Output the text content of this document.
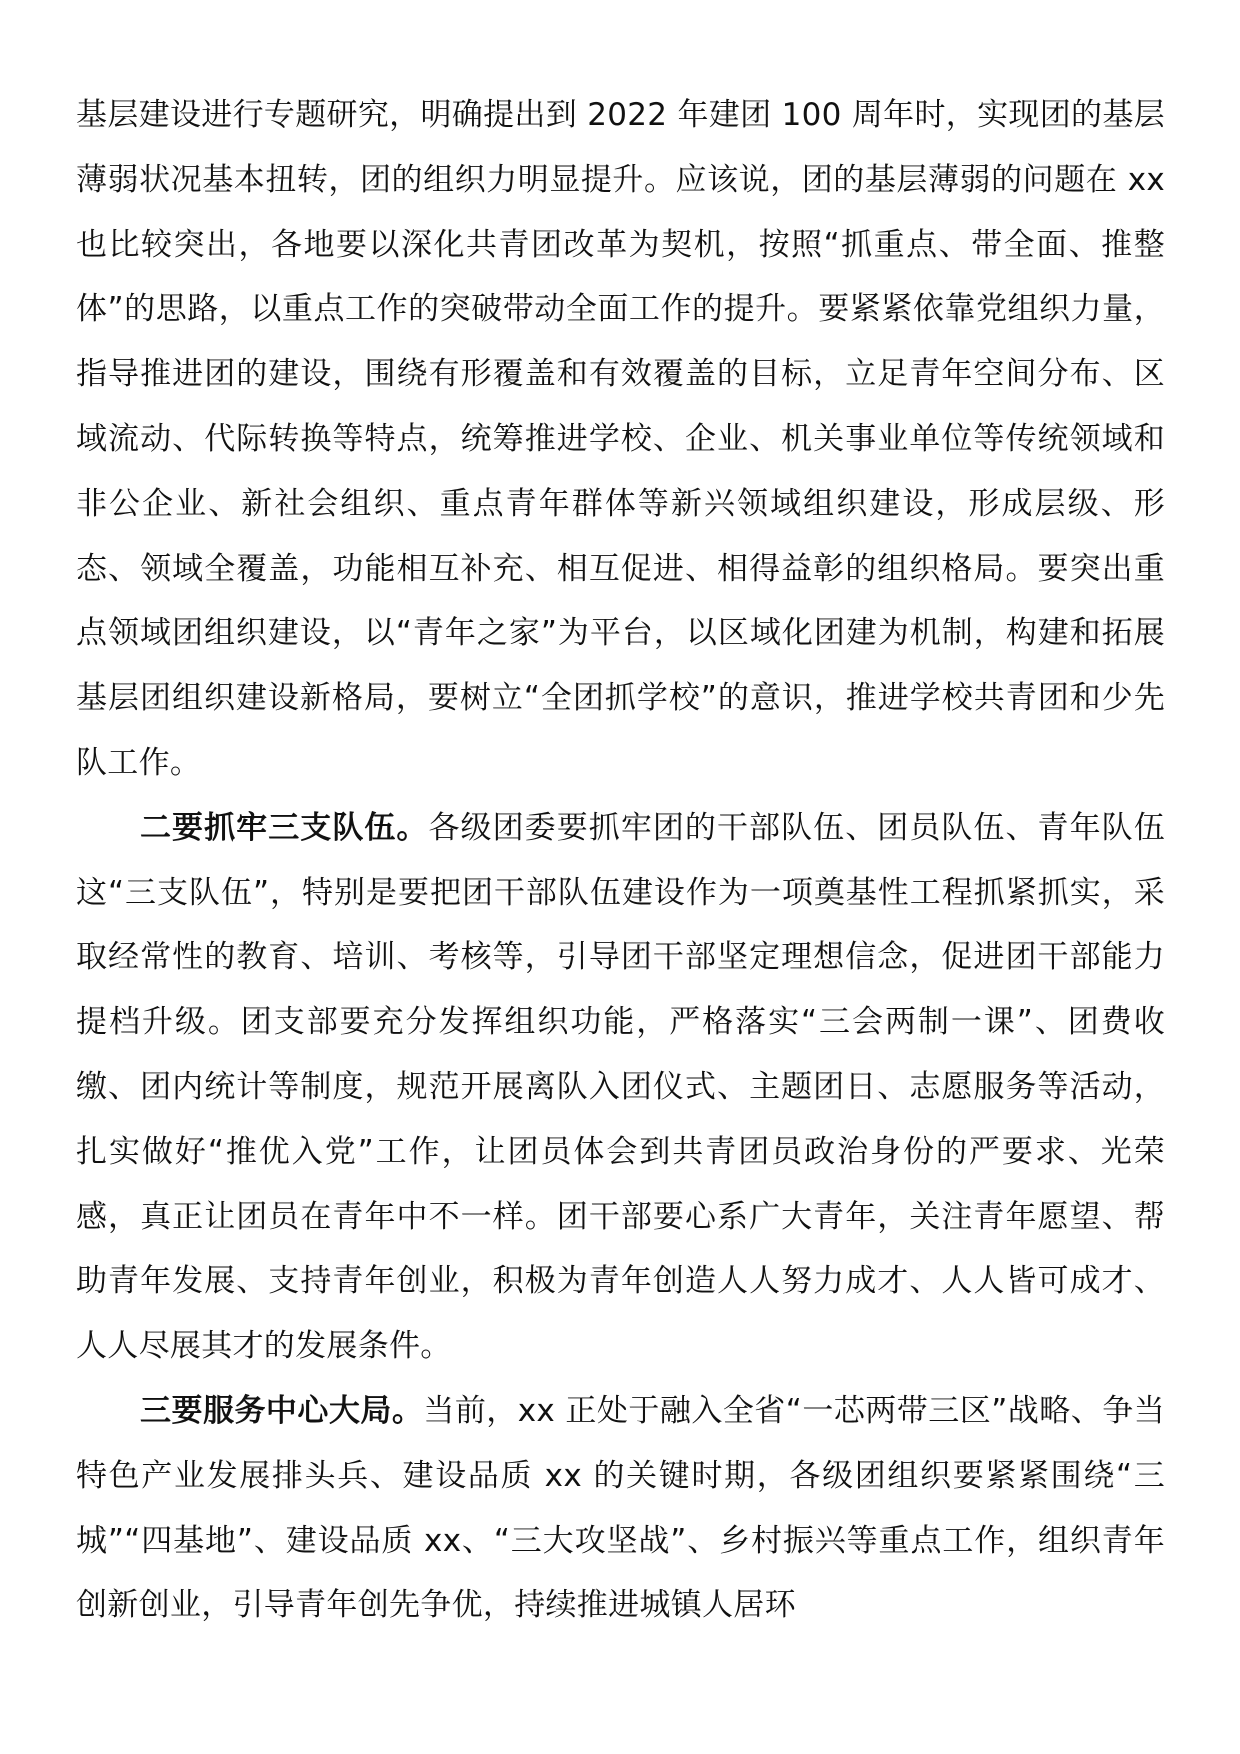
基层建设进行专题研究，明确提出到 2022 年建团 100 周年时，实现团的基层薄弱状况基本扭转，团的组织力明显提升。应该说，团的基层薄弱的问题在 xx 也比较突出，各地要以深化共青团改革为契机，按照“抓重点、带全面、推整体”的思路，以重点工作的突破带动全面工作的提升。要紧紧依靠党组织力量，指导推进团的建设，围绕有形覆盖和有效覆盖的目标，立足青年空间分布、区域流动、代际转换等特点，统筹推进学校、企业、机关事业单位等传统领域和非公企业、新社会组织、重点青年群体等新兴领域组织建设，形成层级、形态、领域全覆盖，功能相互补充、相互促进、相得益彰的组织格局。要突出重点领域团组织建设，以“青年之家”为平台，以区域化团建为机制，构建和拓展基层团组织建设新格局，要树立“全团抓学校”的意识，推进学校共青团和少先队工作。

二要抓牢三支队伍。各级团委要抓牢团的干部队伍、团员队伍、青年队伍这“三支队伍”，特别是要把团干部队伍建设作为一项奠基性工程抓紧抓实，采取经常性的教育、培训、考核等，引导团干部坚定理想信念，促进团干部能力提档升级。团支部要充分发挥组织功能，严格落实“三会两制一课”、团费收缴、团内统计等制度，规范开展离队入团仪式、主题团日、志愿服务等活动，扎实做好“推优入党”工作，让团员体会到共青团员政治身份的严要求、光荣感，真正让团员在青年中不一样。团干部要心系广大青年，关注青年愿望、帮助青年发展、支持青年创业，积极为青年创造人人努力成才、人人皆可成才、人人尽展其才的发展条件。

三要服务中心大局。当前，xx 正处于融入全省“一芯两带三区”战略、争当特色产业发展排头兵、建设品质 xx 的关键时期，各级团组织要紧紧围绕“三城”“四基地”、建设品质 xx、“三大攻坚战”、乡村振兴等重点工作，组织青年创新创业，引导青年创先争优，持续推进城镇人居环
